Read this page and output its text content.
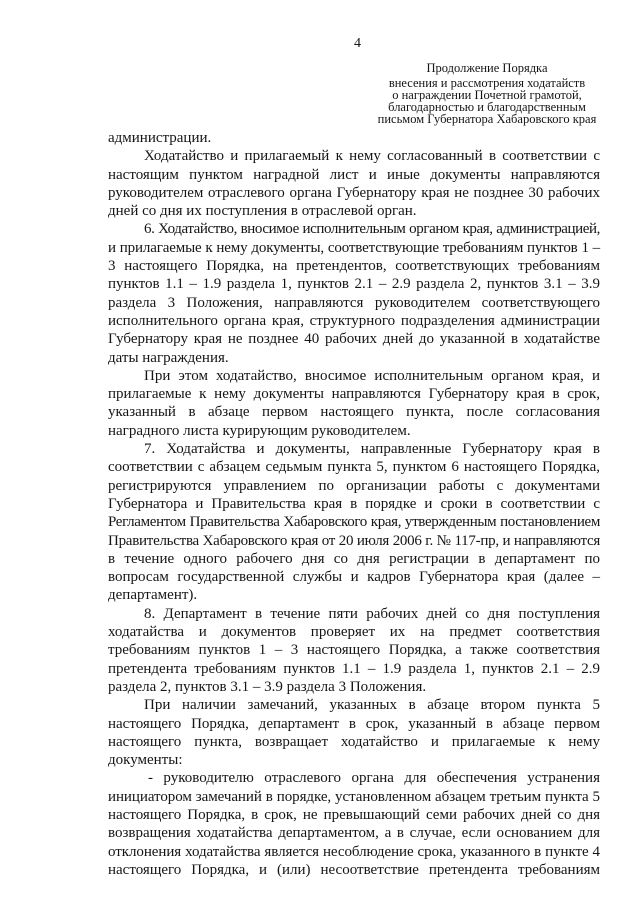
4
Продолжение Порядка
внесения и рассмотрения ходатайств
о награждении Почетной грамотой,
благодарностью и благодарственным
письмом Губернатора Хабаровского края
администрации.
Ходатайство и прилагаемый к нему согласованный в соответствии с
настоящим пунктом наградной лист и иные документы направляются
руководителем отраслевого органа Губернатору края не позднее 30 рабочих
дней со дня их поступления в отраслевой орган.
6. Ходатайство, вносимое исполнительным органом края, администрацией,
и прилагаемые к нему документы, соответствующие требованиям пунктов 1 –
3 настоящего Порядка, на претендентов, соответствующих требованиям
пунктов 1.1 – 1.9 раздела 1, пунктов 2.1 – 2.9 раздела 2, пунктов 3.1 – 3.9
раздела 3 Положения, направляются руководителем соответствующего
исполнительного органа края, структурного подразделения администрации
Губернатору края не позднее 40 рабочих дней до указанной в ходатайстве
даты награждения.
При этом ходатайство, вносимое исполнительным органом края, и
прилагаемые к нему документы направляются Губернатору края в срок,
указанный в абзаце первом настоящего пункта, после согласования
наградного листа курирующим руководителем.
7. Ходатайства и документы, направленные Губернатору края в
соответствии с абзацем седьмым пункта 5, пунктом 6 настоящего Порядка,
регистрируются управлением по организации работы с документами
Губернатора и Правительства края в порядке и сроки в соответствии с
Регламентом Правительства Хабаровского края, утвержденным постановлением
Правительства Хабаровского края от 20 июля 2006 г. № 117-пр, и направляются
в течение одного рабочего дня со дня регистрации в департамент по
вопросам государственной службы и кадров Губернатора края (далее –
департамент).
8. Департамент в течение пяти рабочих дней со дня поступления
ходатайства и документов проверяет их на предмет соответствия
требованиям пунктов 1 – 3 настоящего Порядка, а также соответствия
претендента требованиям пунктов 1.1 – 1.9 раздела 1, пунктов 2.1 – 2.9
раздела 2, пунктов 3.1 – 3.9 раздела 3 Положения.
При наличии замечаний, указанных в абзаце втором пункта 5
настоящего Порядка, департамент в срок, указанный в абзаце первом
настоящего пункта, возвращает ходатайство и прилагаемые к нему
документы:
- руководителю отраслевого органа для обеспечения устранения
инициатором замечаний в порядке, установленном абзацем третьим пункта 5
настоящего Порядка, в срок, не превышающий семи рабочих дней со дня
возвращения ходатайства департаментом, а в случае, если основанием для
отклонения ходатайства является несоблюдение срока, указанного в пункте 4
настоящего Порядка, и (или) несоответствие претендента требованиям
